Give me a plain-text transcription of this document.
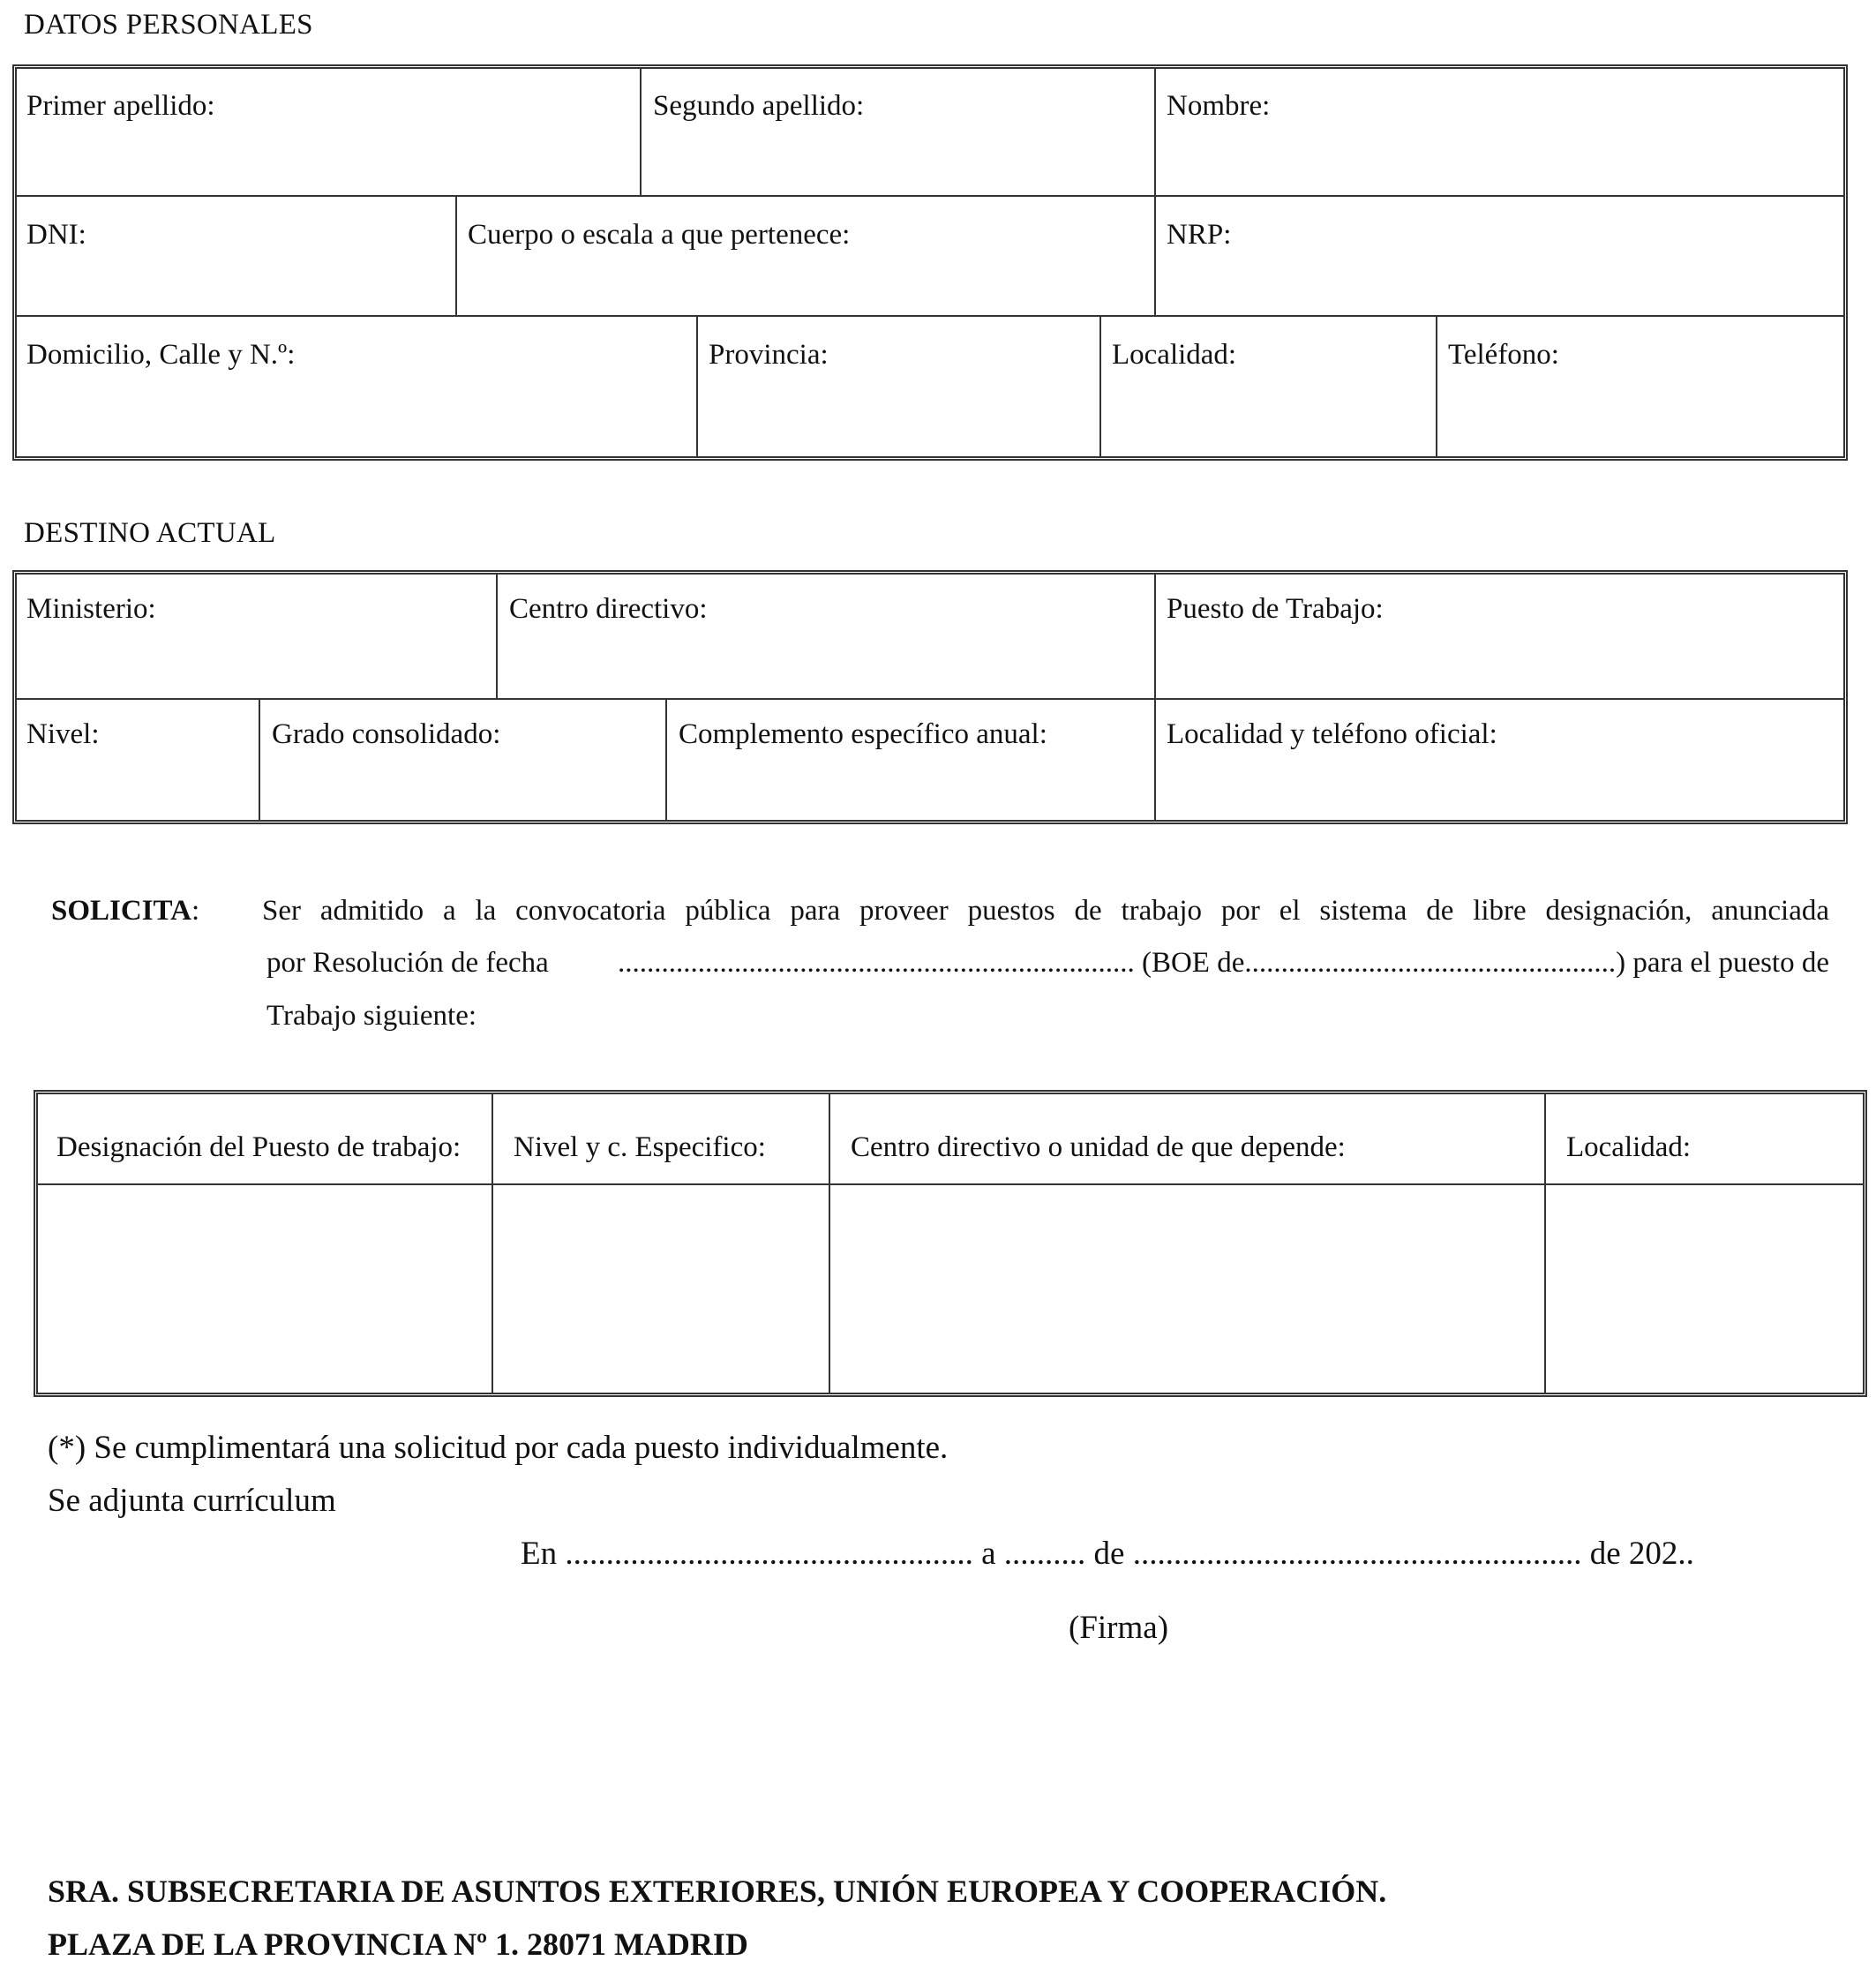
DATOS PERSONALES
Primer apellido:	Segundo apellido:	Nombre:
DNI:	Cuerpo o escala a que pertenece:	NRP:
Domicilio, Calle y N.º:	Provincia:	Localidad:	Teléfono:
DESTINO ACTUAL
Ministerio:	Centro directivo:	Puesto de Trabajo:
Nivel:	Grado consolidado:	Complemento específico anual:	Localidad y teléfono oficial:
SOLICITA: Ser admitido a la convocatoria pública para proveer puestos de trabajo por el sistema de libre designación, anunciada
por Resolución de fecha	....................................................................... (BOE de...................................................) para el puesto de
Trabajo siguiente:
Designación del Puesto de trabajo: Nivel y c. Especifico:	Centro directivo o unidad de que depende:	Localidad:
(*) Se cumplimentará una solicitud por cada puesto individualmente.
Se adjunta currículum
En .................................................. a .......... de ....................................................... de 202..
(Firma)
SRA. SUBSECRETARIA DE ASUNTOS EXTERIORES, UNIÓN EUROPEA Y COOPERACIÓN.
PLAZA DE LA PROVINCIA Nº 1. 28071 MADRID
